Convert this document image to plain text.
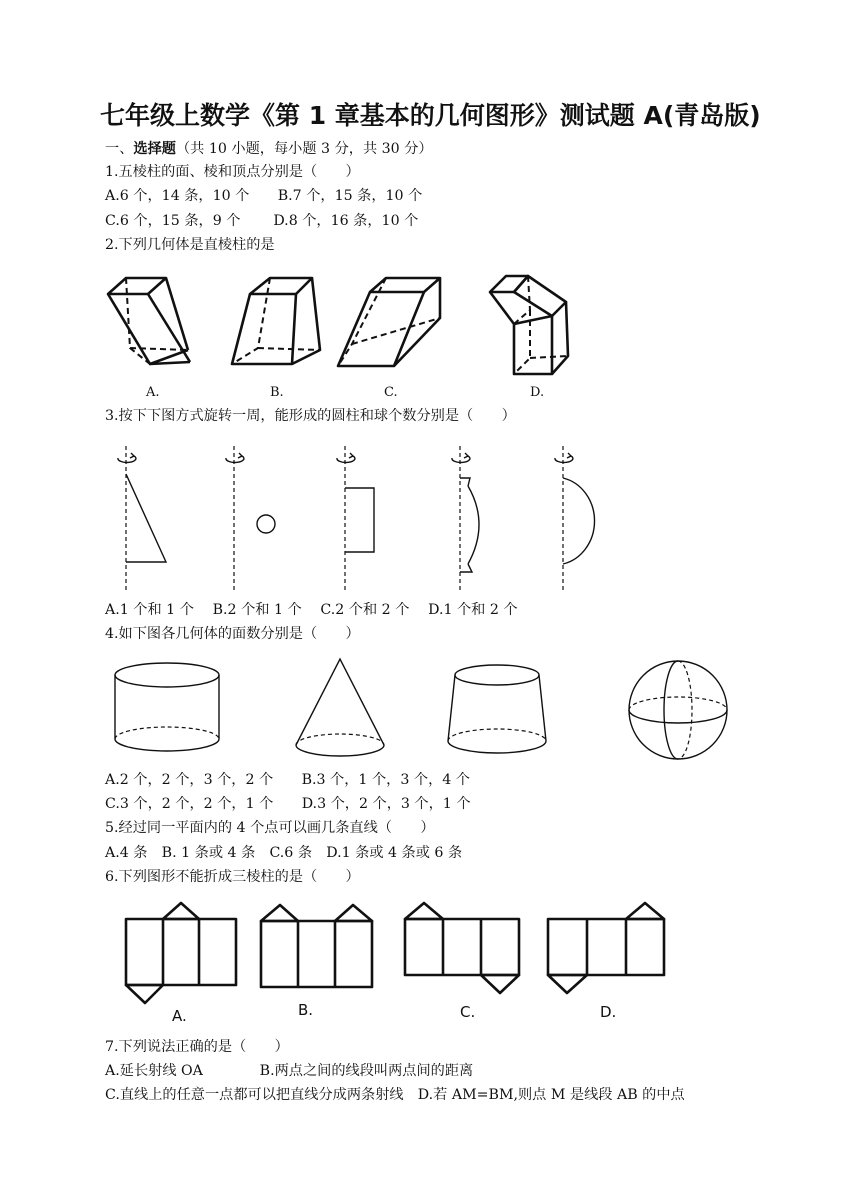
七年级上数学《第 1 章基本的几何图形》测试题 A(青岛版)
一、选择题（共 10 小题，每小题 3 分，共 30 分）
1.五棱柱的面、棱和顶点分别是（　　）
A.6 个，14 条，10 个　　B.7 个，15 条，10 个
C.6 个，15 条，9 个　　 D.8 个，16 条，10 个
2.下列几何体是直棱柱的是
A.	B.	C.	D.
3.按下下图方式旋转一周，能形成的圆柱和球个数分别是（　　）
A.1 个和 1 个　 B.2 个和 1 个　 C.2 个和 2 个　 D.1 个和 2 个
4.如下图各几何体的面数分别是（　　）
A.2 个，2 个，3 个，2 个　　B.3 个，1 个，3 个，4 个
C.3 个，2 个，2 个，1 个　　D.3 个，2 个，3 个，1 个
5.经过同一平面内的 4 个点可以画几条直线（　　）
A.4 条　B. 1 条或 4 条　C.6 条　D.1 条或 4 条或 6 条
6.下列图形不能折成三棱柱的是（　　）
A.	B.	C.	D.
7.下列说法正确的是（　　）
A.延长射线 OA　　　　B.两点之间的线段叫两点间的距离
C.直线上的任意一点都可以把直线分成两条射线　D.若 AM=BM,则点 M 是线段 AB 的中点
